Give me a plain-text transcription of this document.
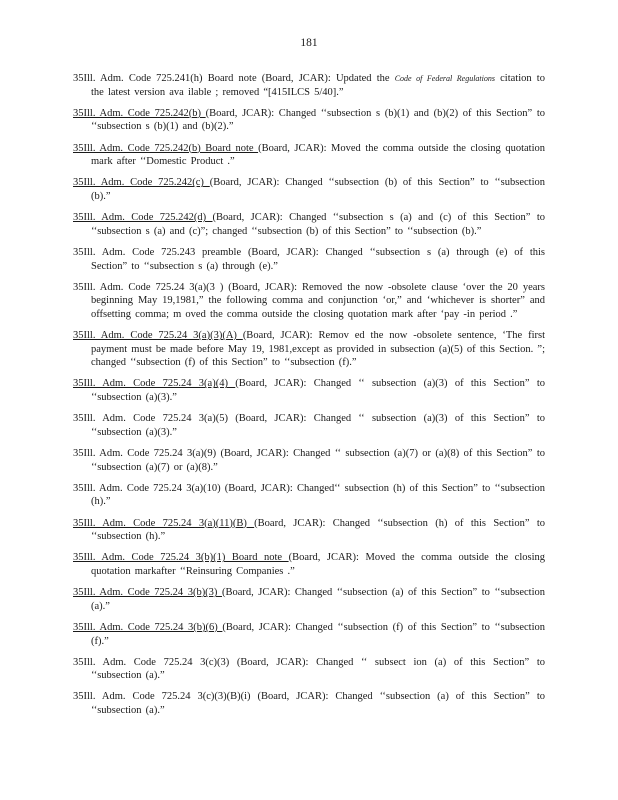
181
35Ill. Adm. Code 725.241(h) Board note (Board, JCAR): Updated the Code of Federal Regulations citation to the latest version ava ilable ; removed “[415ILCS 5/40].”
35Ill. Adm. Code 725.242(b) (Board, JCAR): Changed ‘‘subsection s (b)(1) and (b)(2) of this Section” to ‘‘subsection s (b)(1) and (b)(2).”
35Ill. Adm. Code 725.242(b) Board note (Board, JCAR): Moved the comma outside the closing quotation mark after ‘‘Domestic Product .”
35Ill. Adm. Code 725.242(c) (Board, JCAR): Changed ‘‘subsection (b) of this Section” to ‘‘subsection (b).”
35Ill. Adm. Code 725.242(d) (Board, JCAR): Changed ‘‘subsection s (a) and (c) of this Section” to ‘‘subsection s (a) and (c)”; changed ‘‘subsection (b) of this Section” to ‘‘subsection (b).”
35Ill. Adm. Code 725.243 preamble (Board, JCAR): Changed ‘‘subsection s (a) through (e) of this Section” to ‘‘subsection s (a) through (e).”
35Ill. Adm. Code 725.24 3(a)(3 ) (Board, JCAR): Removed the now -obsolete clause ‘over the 20 years beginning May 19,1981,” the following comma and conjunction ‘or,” and ‘whichever is shorter” and offsetting comma; m oved the comma outside the closing quotation mark after ‘pay -in period .”
35Ill. Adm. Code 725.24 3(a)(3)(A) (Board, JCAR): Remov ed the now -obsolete sentence, ‘The first payment must be made before May 19, 1981,except as provided in subsection (a)(5) of this Section. ”; changed ‘‘subsection (f) of this Section” to ‘‘subsection (f).”
35Ill. Adm. Code 725.24 3(a)(4) (Board, JCAR): Changed ‘‘ subsection (a)(3) of this Section” to ‘‘subsection (a)(3).”
35Ill. Adm. Code 725.24 3(a)(5) (Board, JCAR): Changed ‘‘ subsection (a)(3) of this Section” to ‘‘subsection (a)(3).”
35Ill. Adm. Code 725.24 3(a)(9) (Board, JCAR): Changed ‘‘ subsection (a)(7) or (a)(8) of this Section” to ‘‘subsection (a)(7) or (a)(8).”
35Ill. Adm. Code 725.24 3(a)(10) (Board, JCAR): Changed‘‘ subsection (h) of this Section” to ‘‘subsection (h).”
35Ill. Adm. Code 725.24 3(a)(11)(B) (Board, JCAR): Changed ‘‘subsection (h) of this Section” to ‘‘subsection (h).”
35Ill. Adm. Code 725.24 3(b)(1) Board note (Board, JCAR): Moved the comma outside the closing quotation markafter ‘‘Reinsuring Companies .”
35Ill. Adm. Code 725.24 3(b)(3) (Board, JCAR): Changed ‘‘subsection (a) of this Section” to ‘‘subsection (a).”
35Ill. Adm. Code 725.24 3(b)(6) (Board, JCAR): Changed ‘‘subsection (f) of this Section” to ‘‘subsection (f).”
35Ill. Adm. Code 725.24 3(c)(3) (Board, JCAR): Changed ‘‘ subsect ion (a) of this Section” to ‘‘subsection (a).”
35Ill. Adm. Code 725.24 3(c)(3)(B)(i) (Board, JCAR): Changed ‘‘subsection (a) of this Section” to ‘‘subsection (a).”
